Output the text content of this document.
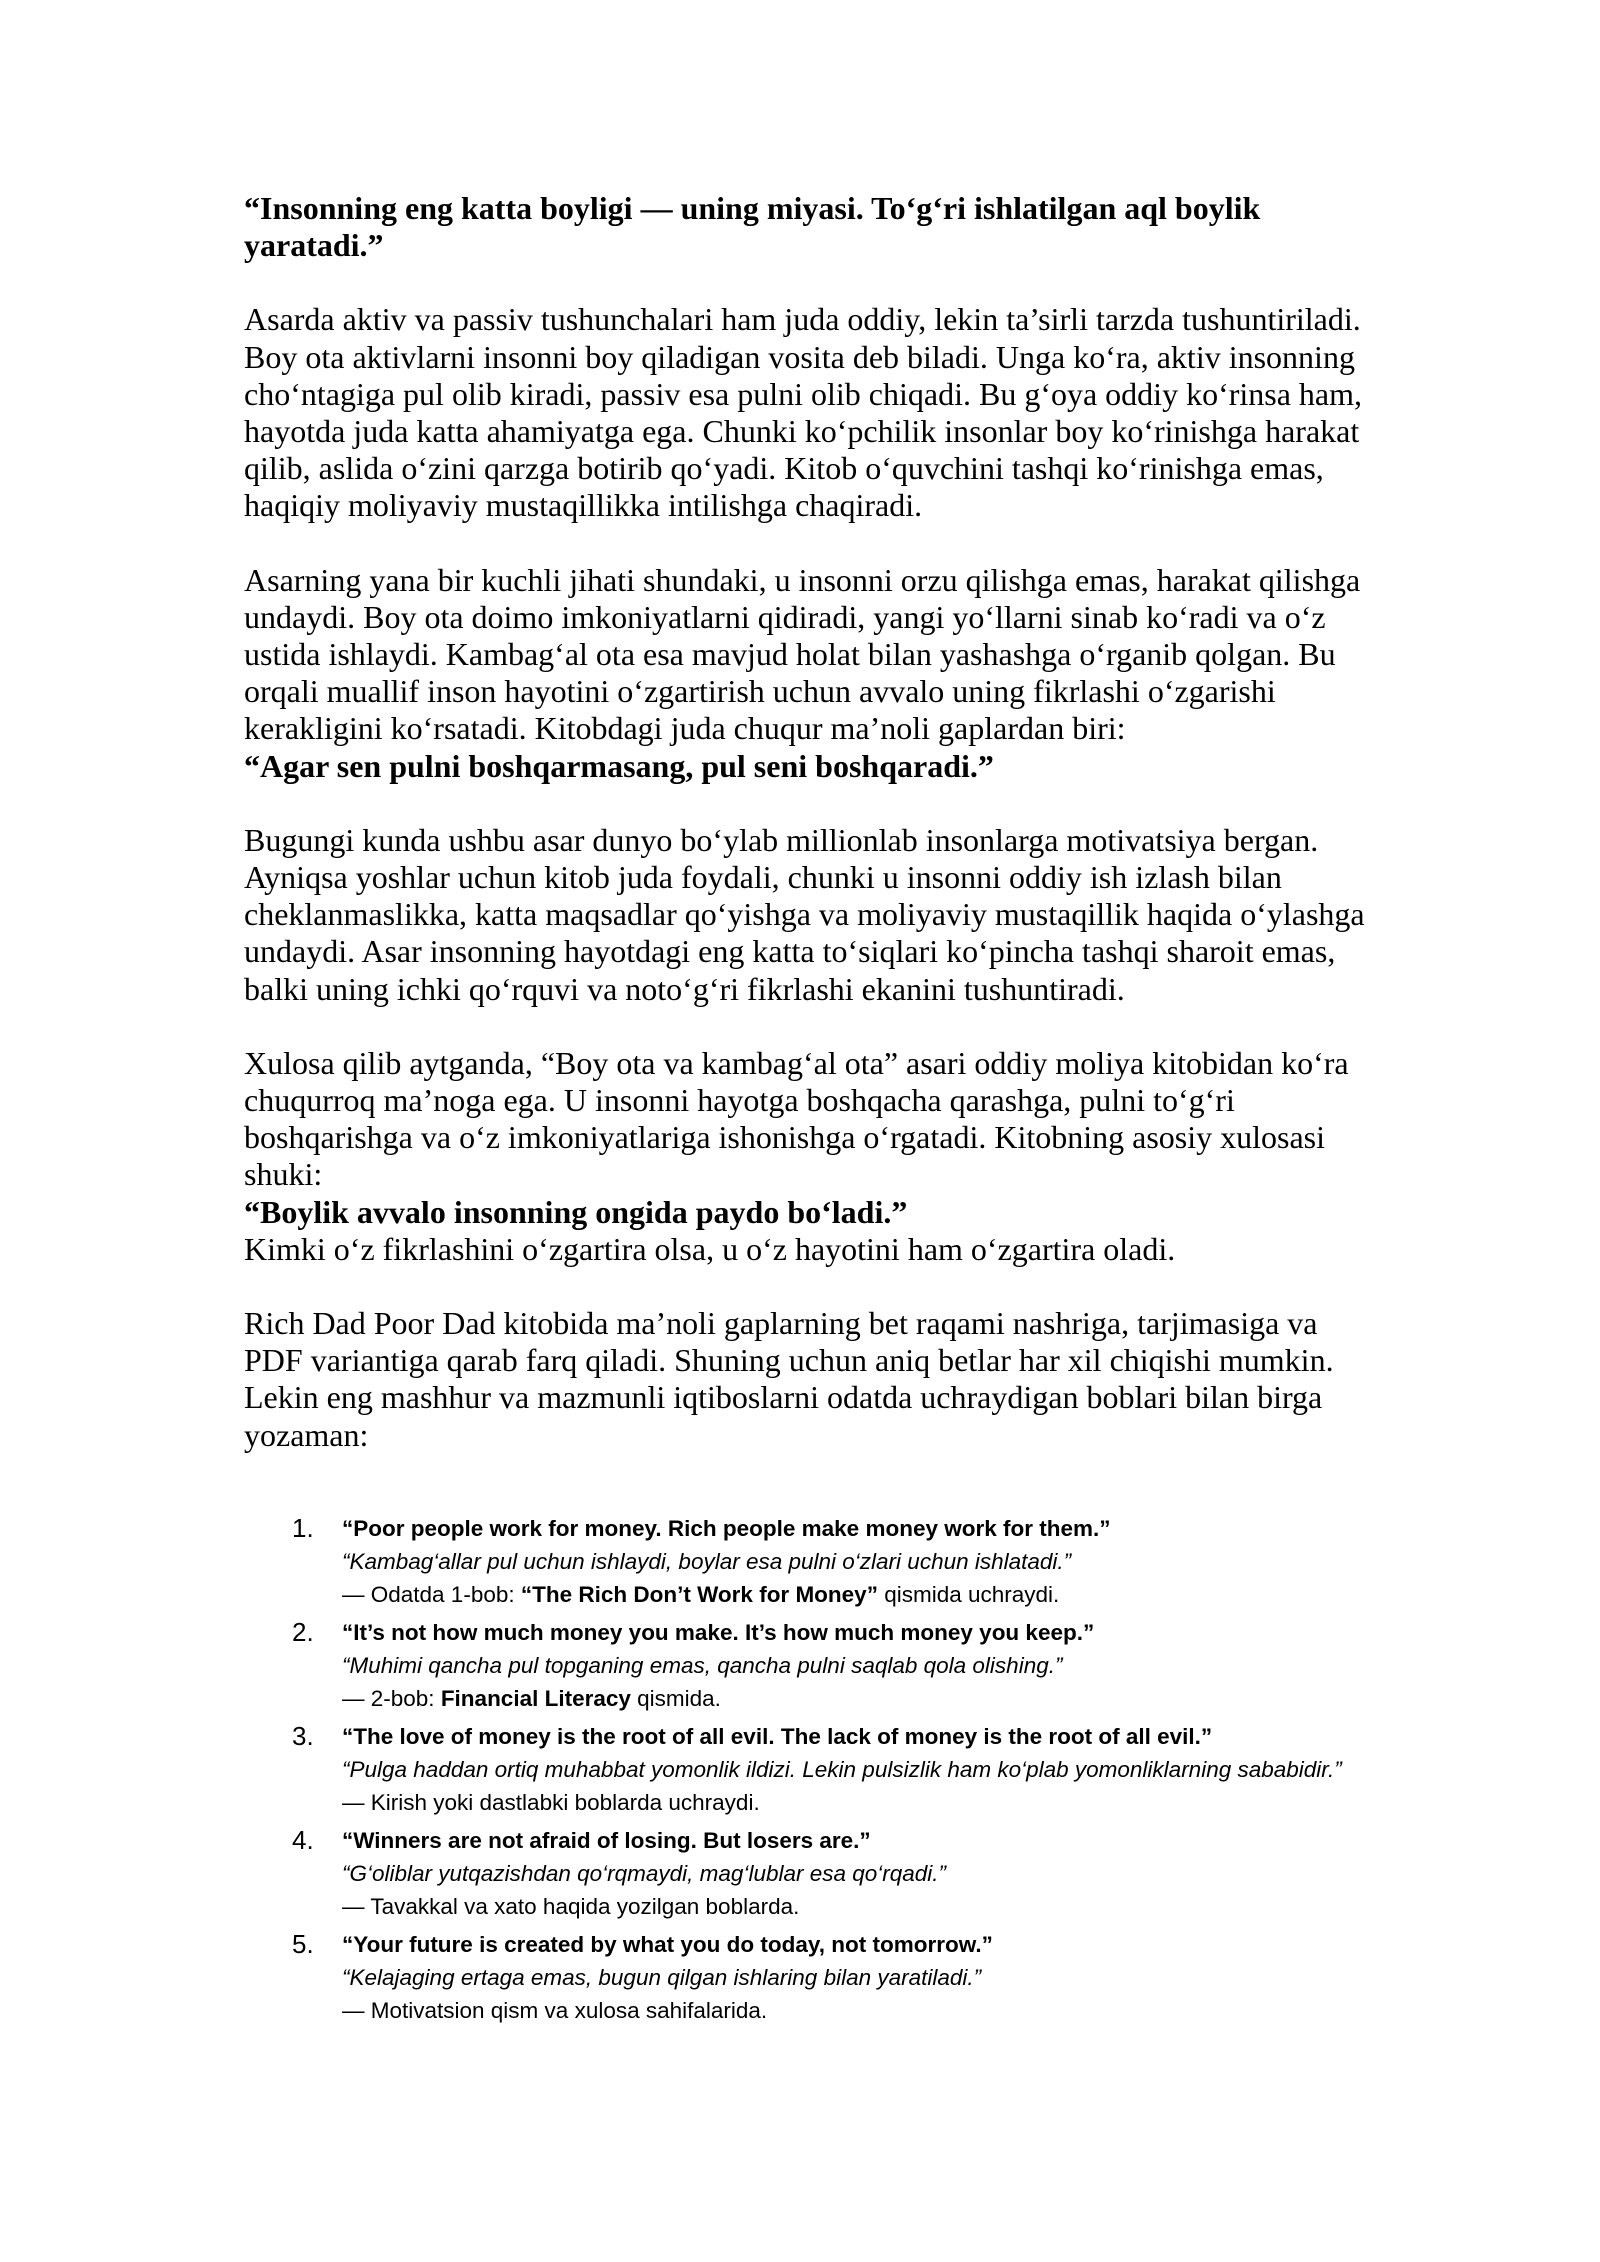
“Insonning eng katta boyligi — uning miyasi. To‘g‘ri ishlatilgan aql boylik yaratadi.”

Asarda aktiv va passiv tushunchalari ham juda oddiy, lekin ta’sirli tarzda tushuntiriladi. Boy ota aktivlarni insonni boy qiladigan vosita deb biladi. Unga ko‘ra, aktiv insonning cho‘ntagiga pul olib kiradi, passiv esa pulni olib chiqadi. Bu g‘oya oddiy ko‘rinsa ham, hayotda juda katta ahamiyatga ega. Chunki ko‘pchilik insonlar boy ko‘rinishga harakat qilib, aslida o‘zini qarzga botirib qo‘yadi. Kitob o‘quvchini tashqi ko‘rinishga emas, haqiqiy moliyaviy mustaqillikka intilishga chaqiradi.

Asarning yana bir kuchli jihati shundaki, u insonni orzu qilishga emas, harakat qilishga undaydi. Boy ota doimo imkoniyatlarni qidiradi, yangi yo‘llarni sinab ko‘radi va o‘z ustida ishlaydi. Kambag‘al ota esa mavjud holat bilan yashashga o‘rganib qolgan. Bu orqali muallif inson hayotini o‘zgartirish uchun avvalo uning fikrlashi o‘zgarishi kerakligini ko‘rsatadi. Kitobdagi juda chuqur ma’noli gaplardan biri:

“Agar sen pulni boshqarmasang, pul seni boshqaradi.”

Bugungi kunda ushbu asar dunyo bo‘ylab millionlab insonlarga motivatsiya bergan. Ayniqsa yoshlar uchun kitob juda foydali, chunki u insonni oddiy ish izlash bilan cheklanmaslikka, katta maqsadlar qo‘yishga va moliyaviy mustaqillik haqida o‘ylashga undaydi. Asar insonning hayotdagi eng katta to‘siqlari ko‘pincha tashqi sharoit emas, balki uning ichki qo‘rquvi va noto‘g‘ri fikrlashi ekanini tushuntiradi.

Xulosa qilib aytganda, “Boy ota va kambag‘al ota” asari oddiy moliya kitobidan ko‘ra chuqurroq ma’noga ega. U insonni hayotga boshqacha qarashga, pulni to‘g‘ri boshqarishga va o‘z imkoniyatlariga ishonishga o‘rgatadi. Kitobning asosiy xulosasi shuki:

“Boylik avvalo insonning ongida paydo bo‘ladi.”

Kimki o‘z fikrlashini o‘zgartira olsa, u o‘z hayotini ham o‘zgartira oladi.

Rich Dad Poor Dad kitobida ma’noli gaplarning bet raqami nashriga, tarjimasiga va PDF variantiga qarab farq qiladi. Shuning uchun aniq betlar har xil chiqishi mumkin. Lekin eng mashhur va mazmunli iqtiboslarni odatda uchraydigan boblari bilan birga yozaman:

1. “Poor people work for money. Rich people make money work for them.”
“Kambag‘allar pul uchun ishlaydi, boylar esa pulni o‘zlari uchun ishlatadi.”
— Odatda 1-bob: “The Rich Don’t Work for Money” qismida uchraydi.
2. “It’s not how much money you make. It’s how much money you keep.”
“Muhimi qancha pul topganing emas, qancha pulni saqlab qola olishing.”
— 2-bob: Financial Literacy qismida.
3. “The love of money is the root of all evil. The lack of money is the root of all evil.”
“Pulga haddan ortiq muhabbat yomonlik ildizi. Lekin pulsizlik ham ko‘plab yomonliklarning sababidir.”
— Kirish yoki dastlabki boblarda uchraydi.
4. “Winners are not afraid of losing. But losers are.”
“G‘oliblar yutqazishdan qo‘rqmaydi, mag‘lublar esa qo‘rqadi.”
— Tavakkal va xato haqida yozilgan boblarda.
5. “Your future is created by what you do today, not tomorrow.”
“Kelajaging ertaga emas, bugun qilgan ishlaring bilan yaratiladi.”
— Motivatsion qism va xulosa sahifalarida.
